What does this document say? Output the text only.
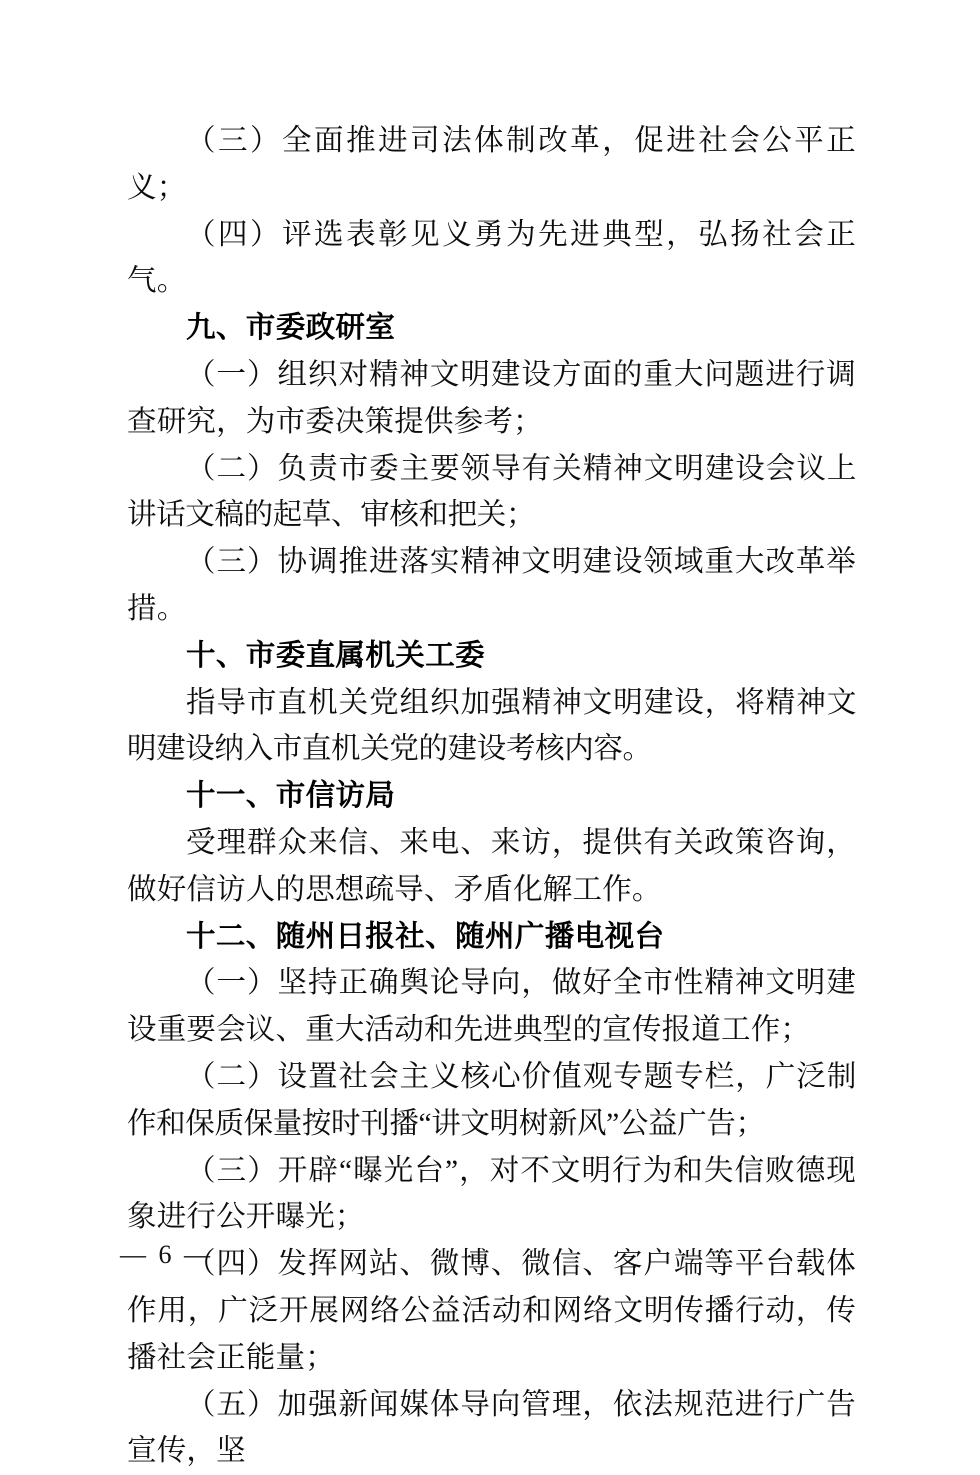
（三）全面推进司法体制改革，促进社会公平正义；

（四）评选表彰见义勇为先进典型，弘扬社会正气。

九、市委政研室

（一）组织对精神文明建设方面的重大问题进行调查研究，为市委决策提供参考；

（二）负责市委主要领导有关精神文明建设会议上讲话文稿的起草、审核和把关；

（三）协调推进落实精神文明建设领域重大改革举措。

十、市委直属机关工委

指导市直机关党组织加强精神文明建设，将精神文明建设纳入市直机关党的建设考核内容。

十一、市信访局

受理群众来信、来电、来访，提供有关政策咨询，做好信访人的思想疏导、矛盾化解工作。

十二、随州日报社、随州广播电视台

（一）坚持正确舆论导向，做好全市性精神文明建设重要会议、重大活动和先进典型的宣传报道工作；

（二）设置社会主义核心价值观专题专栏，广泛制作和保质保量按时刊播“讲文明树新风”公益广告；

（三）开辟“曝光台”，对不文明行为和失信败德现象进行公开曝光；

（四）发挥网站、微博、微信、客户端等平台载体作用，广泛开展网络公益活动和网络文明传播行动，传播社会正能量；

（五）加强新闻媒体导向管理，依法规范进行广告宣传，坚

— 6 —
